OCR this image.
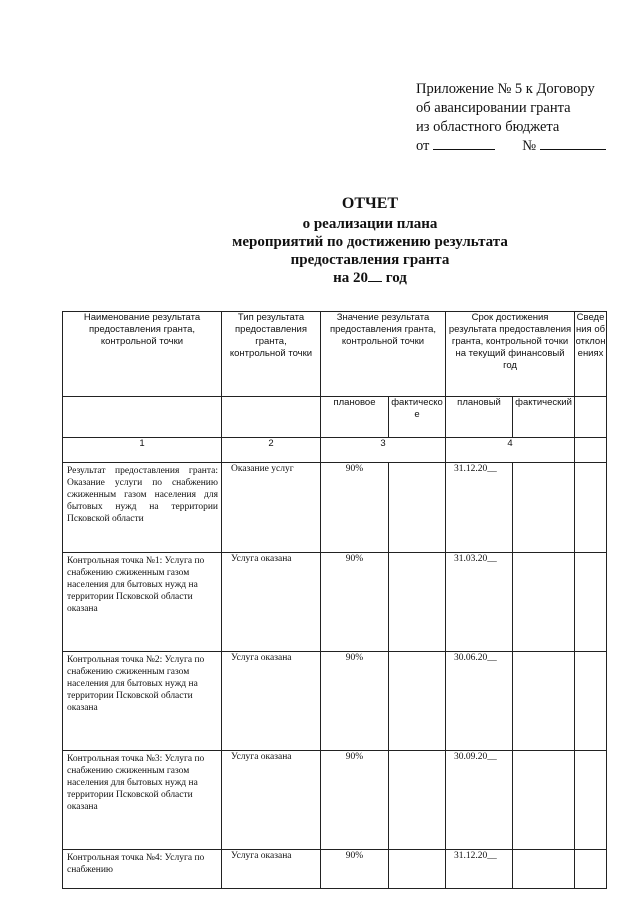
Приложение № 5 к Договору
об авансировании гранта
из областного бюджета
от	№
ОТЧЕТ
о реализации плана
мероприятий по достижению результата
предоставления гранта
на 20 год
Наименование результата предоставления гранта, контрольной точки	Тип результата предоставления гранта, контрольной точки	Значение результата предоставления гранта, контрольной точки		Срок достижения результата предоставления гранта, контрольной точки на текущий финансовый год		Сведения об отклонениях
		плановое	фактическое	плановый	фактический	
1	2	3		4		
Результат предоставления гранта: Оказание услуги по снабжению сжиженным газом населения для бытовых нужд на территории Псковской области	Оказание услуг	90%		31.12.20__		
Контрольная точка №1: Услуга по снабжению сжиженным газом населения для бытовых нужд на территории Псковской области оказана	Услуга оказана	90%		31.03.20__		
Контрольная точка №2: Услуга по снабжению сжиженным газом населения для бытовых нужд на территории Псковской области оказана	Услуга оказана	90%		30.06.20__		
Контрольная точка №3: Услуга по снабжению сжиженным газом населения для бытовых нужд на территории Псковской области оказана	Услуга оказана	90%		30.09.20__		
Контрольная точка №4: Услуга по снабжению	Услуга оказана	90%		31.12.20__		
